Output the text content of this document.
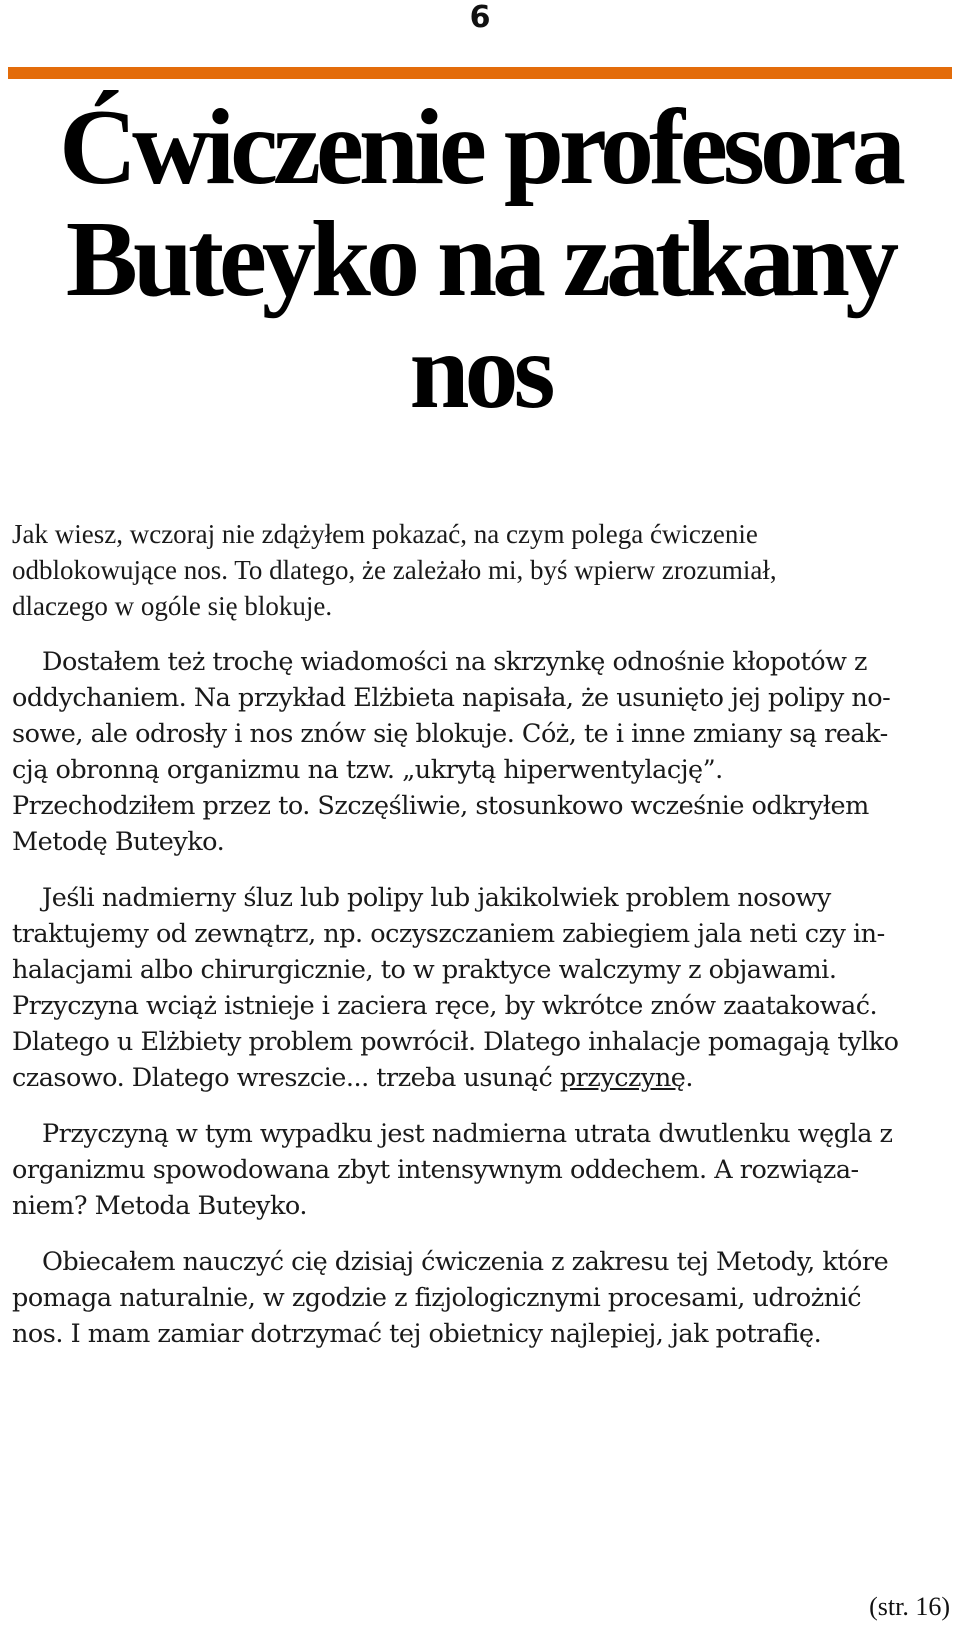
6
Ćwiczenie profesora
Buteyko na zatkany
nos

Jak wiesz, wczoraj nie zdążyłem pokazać, na czym polega ćwiczenie
odblokowujące nos. To dlatego, że zależało mi, byś wpierw zrozumiał,
dlaczego w ogóle się blokuje.

Dostałem też trochę wiadomości na skrzynkę odnośnie kłopotów z
oddychaniem. Na przykład Elżbieta napisała, że usunięto jej polipy no-
sowe, ale odrosły i nos znów się blokuje. Cóż, te i inne zmiany są reak-
cją obronną organizmu na tzw. „ukrytą hiperwentylację”.
Przechodziłem przez to. Szczęśliwie, stosunkowo wcześnie odkryłem
Metodę Buteyko.

Jeśli nadmierny śluz lub polipy lub jakikolwiek problem nosowy
traktujemy od zewnątrz, np. oczyszczaniem zabiegiem jala neti czy in-
halacjami albo chirurgicznie, to w praktyce walczymy z objawami.
Przyczyna wciąż istnieje i zaciera ręce, by wkrótce znów zaatakować.
Dlatego u Elżbiety problem powrócił. Dlatego inhalacje pomagają tylko
czasowo. Dlatego wreszcie... trzeba usunąć przyczynę.

Przyczyną w tym wypadku jest nadmierna utrata dwutlenku węgla z
organizmu spowodowana zbyt intensywnym oddechem. A rozwiąza-
niem? Metoda Buteyko.

Obiecałem nauczyć cię dzisiaj ćwiczenia z zakresu tej Metody, które
pomaga naturalnie, w zgodzie z fizjologicznymi procesami, udrożnić
nos. I mam zamiar dotrzymać tej obietnicy najlepiej, jak potrafię.

(str. 16)
